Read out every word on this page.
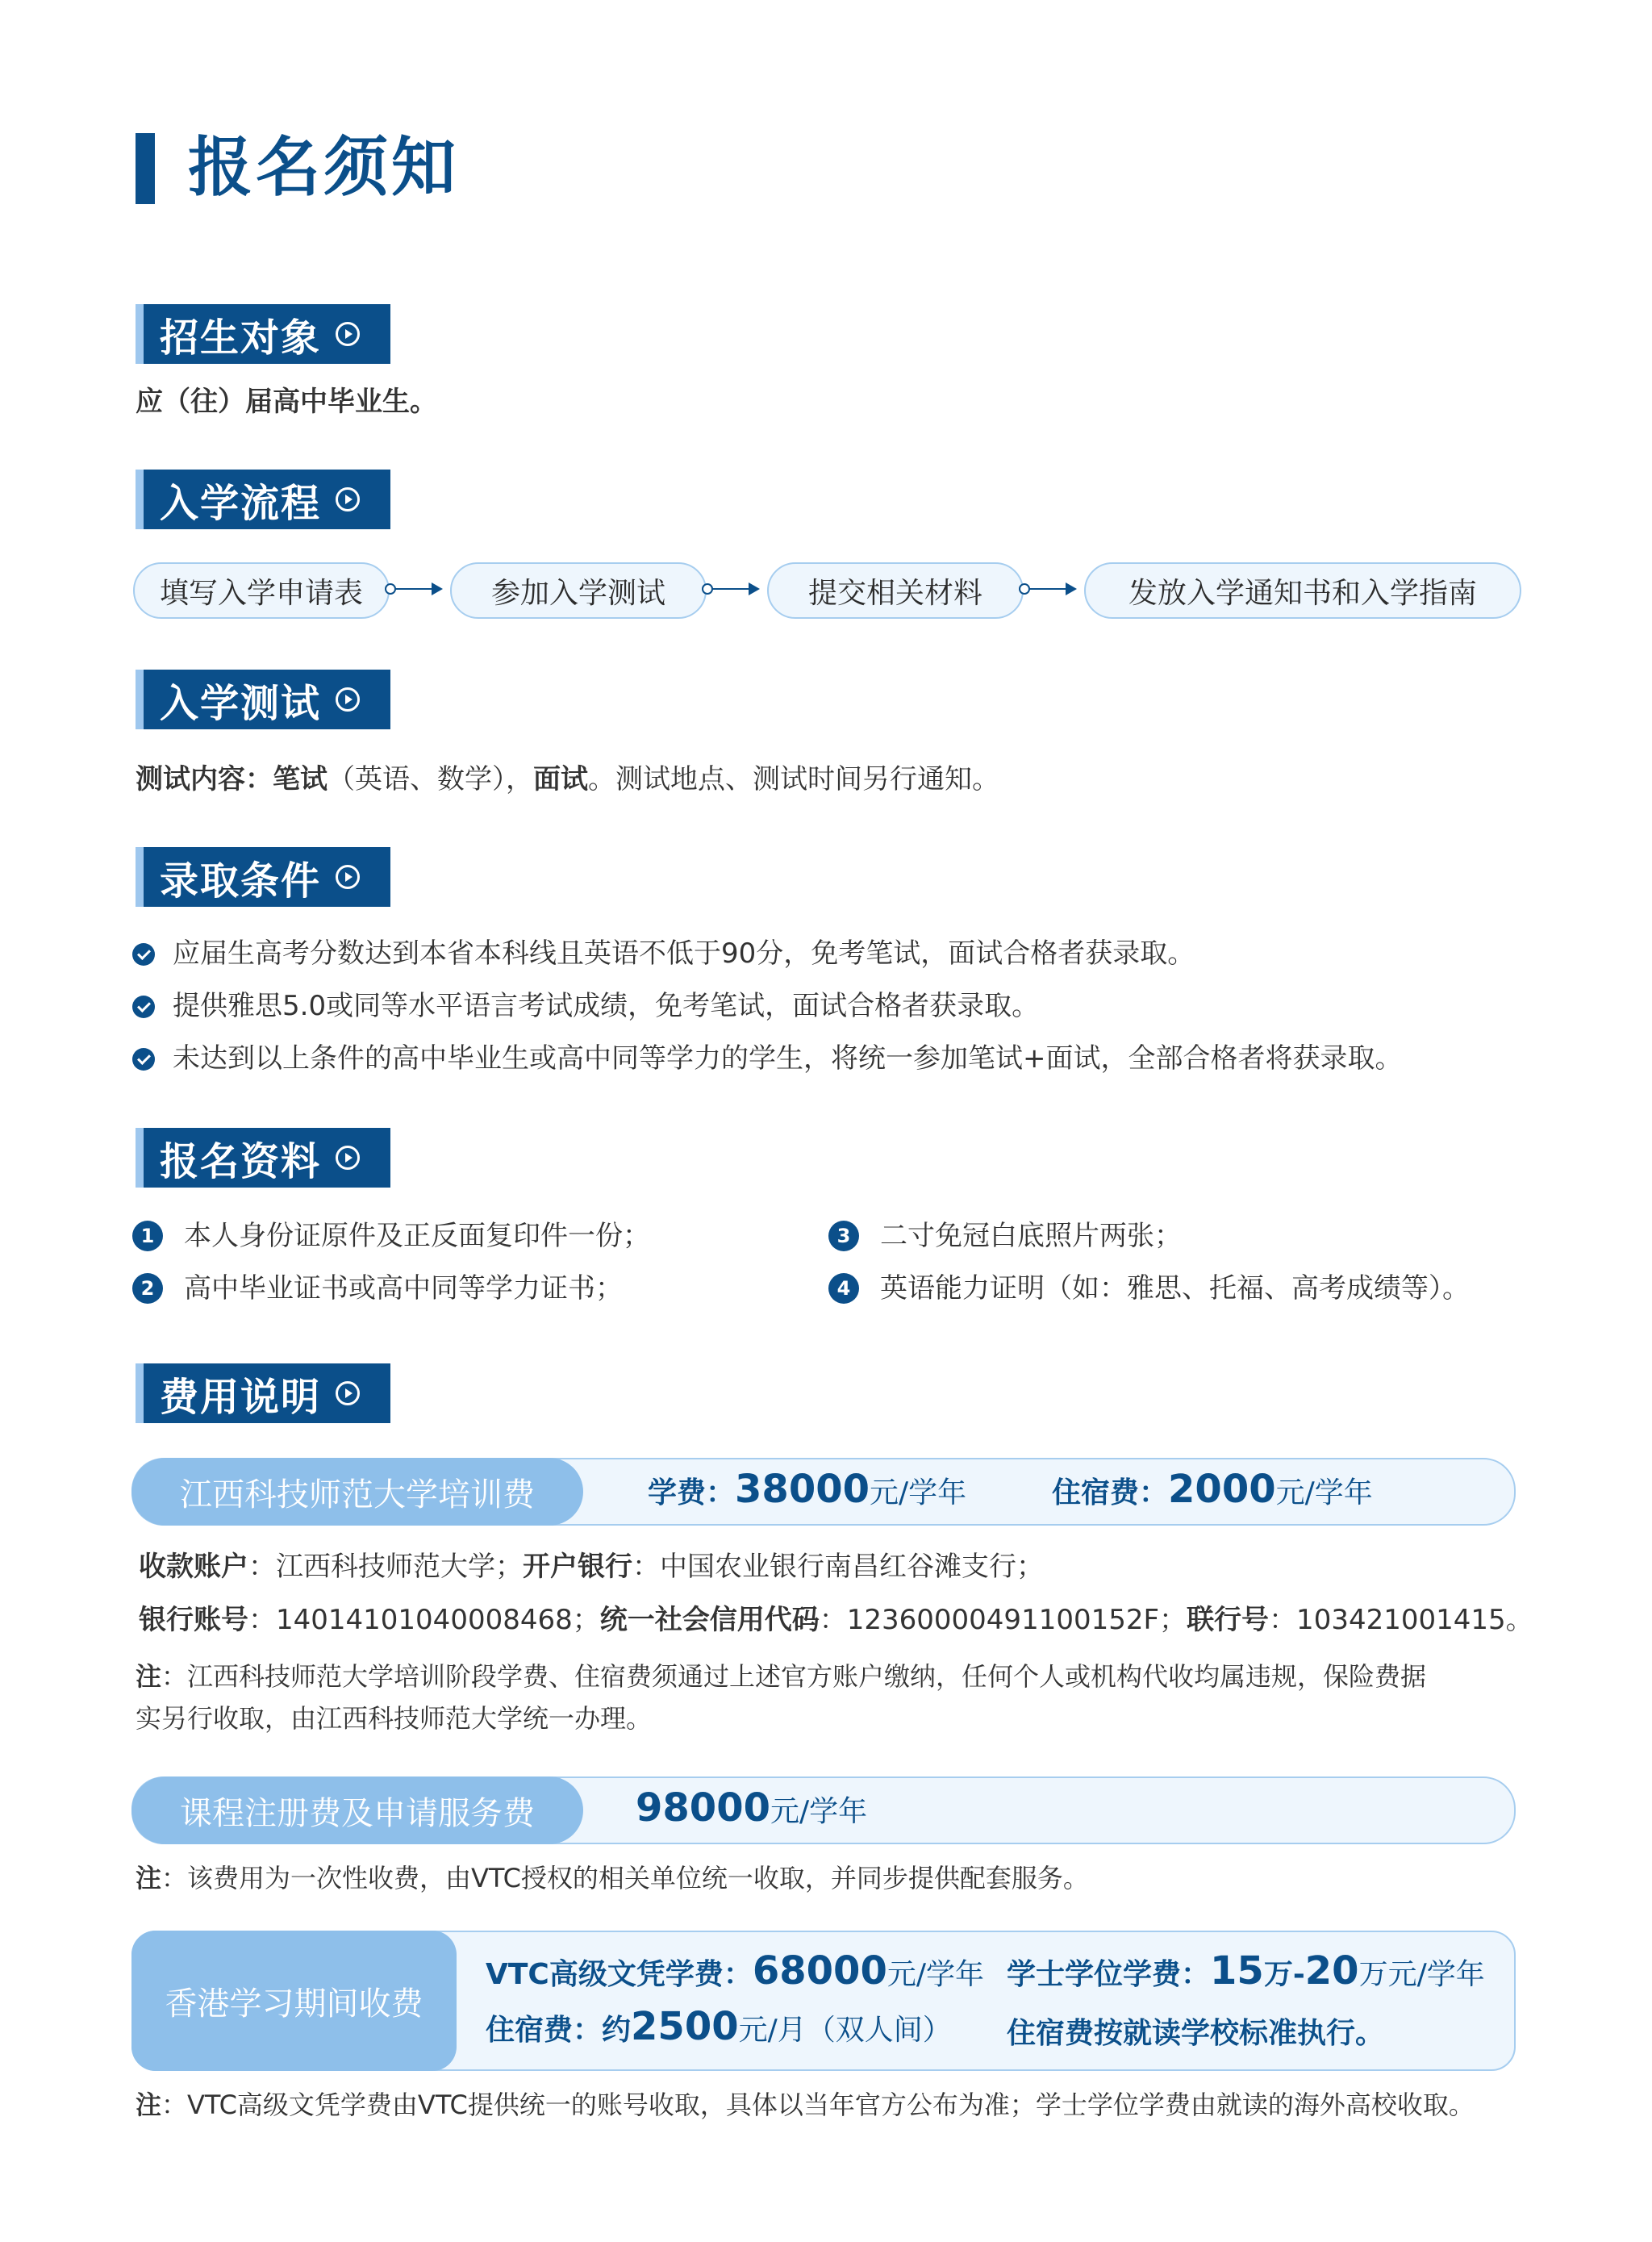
报名须知
招生对象
应（往）届高中毕业生。
入学流程
填写入学申请表	参加入学测试	提交相关材料	发放入学通知书和入学指南
入学测试
测试内容：笔试（英语、数学），面试。测试地点、测试时间另行通知。
录取条件
应届生高考分数达到本省本科线且英语不低于90分，免考笔试，面试合格者获录取。
提供雅思5.0或同等水平语言考试成绩，免考笔试，面试合格者获录取。
未达到以上条件的高中毕业生或高中同等学力的学生，将统一参加笔试+面试，全部合格者将获录取。
报名资料
1	本人身份证原件及正反面复印件一份；
2	高中毕业证书或高中同等学力证书；
3	二寸免冠白底照片两张；
4	英语能力证明（如：雅思、托福、高考成绩等）。
费用说明
江西科技师范大学培训费	学费：38000元/学年	住宿费：2000元/学年
收款账户：江西科技师范大学；开户银行：中国农业银行南昌红谷滩支行；
银行账号：14014101040008468；统一社会信用代码：12360000491100152F；联行号：103421001415。
注：江西科技师范大学培训阶段学费、住宿费须通过上述官方账户缴纳，任何个人或机构代收均属违规，保险费据
实另行收取，由江西科技师范大学统一办理。
课程注册费及申请服务费	98000元/学年
注：该费用为一次性收费，由VTC授权的相关单位统一收取，并同步提供配套服务。
香港学习期间收费
VTC高级文凭学费：68000元/学年
住宿费：约2500元/月（双人间）
学士学位学费：15万-20万元/学年
住宿费按就读学校标准执行。
注：VTC高级文凭学费由VTC提供统一的账号收取，具体以当年官方公布为准；学士学位学费由就读的海外高校收取。
